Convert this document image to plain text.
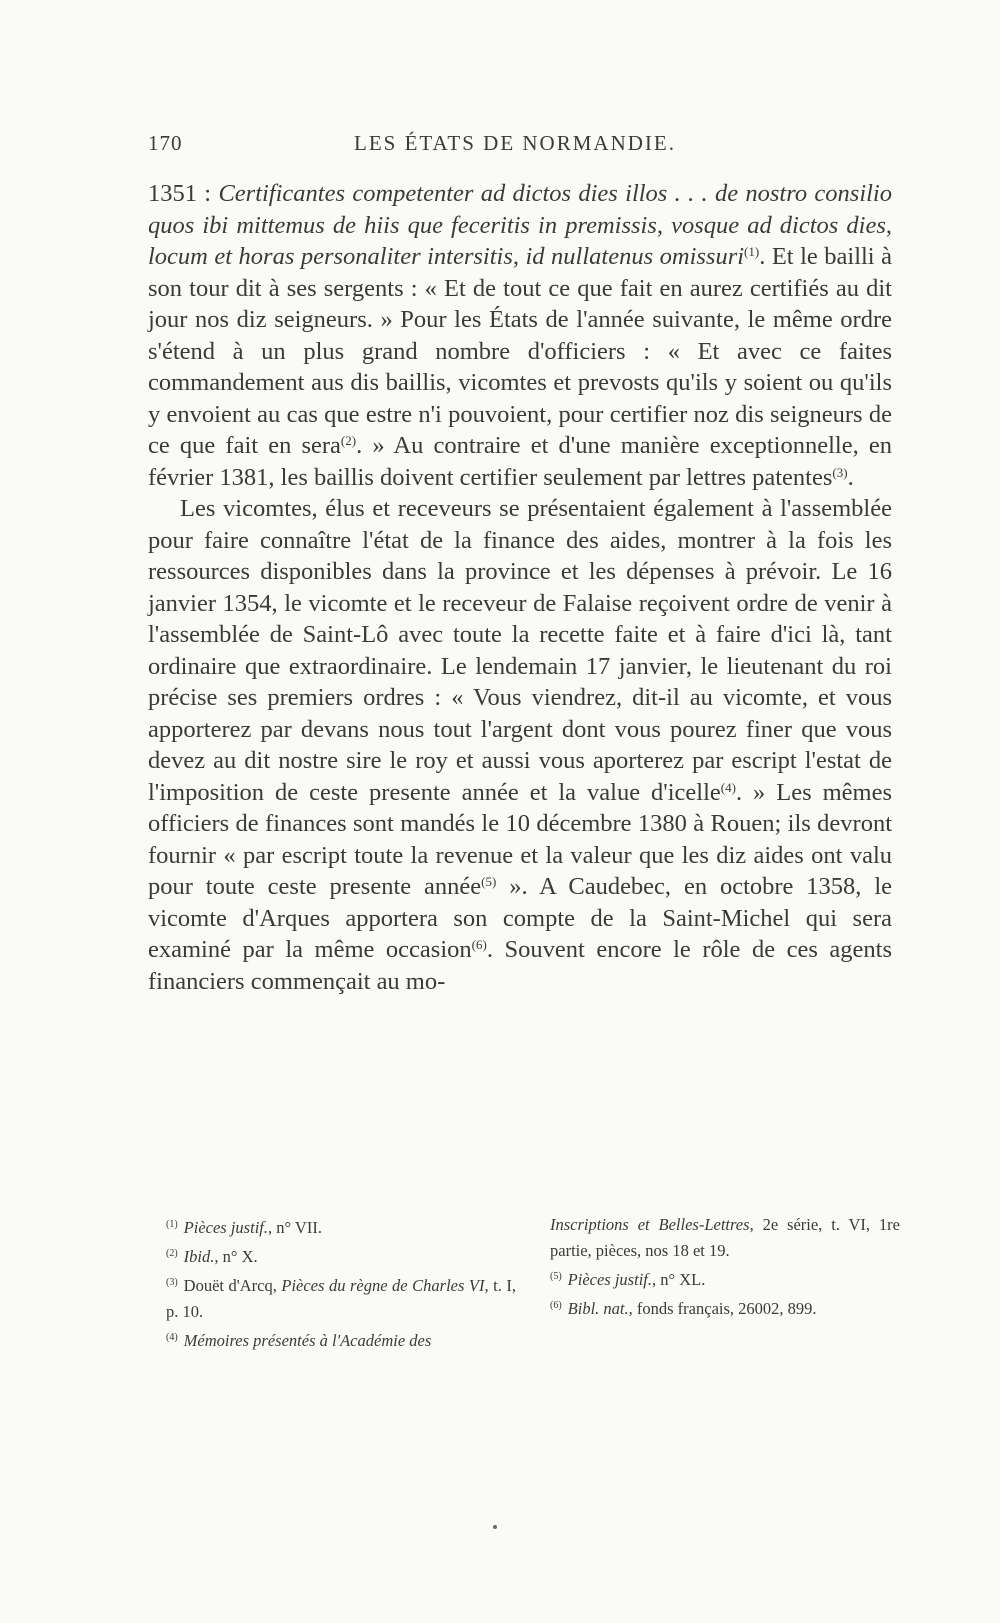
170	LES ÉTATS DE NORMANDIE.

1351 : Certificantes competenter ad dictos dies illos . . . de nostro consilio quos ibi mittemus de hiis que feceritis in premissis, vosque ad dictos dies, locum et horas personaliter intersitis, id nullatenus omissuri$^{(1)}$. Et le bailli à son tour dit à ses sergents : « Et de tout ce que fait en aurez certifiés au dit jour nos diz seigneurs. » Pour les États de l'année suivante, le même ordre s'étend à un plus grand nombre d'officiers : « Et avec ce faites commandement aus dis baillis, vicomtes et prevosts qu'ils y soient ou qu'ils y envoient au cas que estre n'i pouvoient, pour certifier noz dis seigneurs de ce que fait en sera$^{(2)}$. » Au contraire et d'une manière exceptionnelle, en février 1381, les baillis doivent certifier seulement par lettres patentes$^{(3)}$.

Les vicomtes, élus et receveurs se présentaient également à l'assemblée pour faire connaître l'état de la finance des aides, montrer à la fois les ressources disponibles dans la province et les dépenses à prévoir. Le 16 janvier 1354, le vicomte et le receveur de Falaise reçoivent ordre de venir à l'assemblée de Saint-Lô avec toute la recette faite et à faire d'ici là, tant ordinaire que extraordinaire. Le lendemain 17 janvier, le lieutenant du roi précise ses premiers ordres : « Vous viendrez, dit-il au vicomte, et vous apporterez par devans nous tout l'argent dont vous pourez finer que vous devez au dit nostre sire le roy et aussi vous aporterez par escript l'estat de l'imposition de ceste presente année et la value d'icelle$^{(4)}$. » Les mêmes officiers de finances sont mandés le 10 décembre 1380 à Rouen; ils devront fournir « par escript toute la revenue et la valeur que les diz aides ont valu pour toute ceste presente année$^{(5)}$ ». A Caudebec, en octobre 1358, le vicomte d'Arques apportera son compte de la Saint-Michel qui sera examiné par la même occasion$^{(6)}$. Souvent encore le rôle de ces agents financiers commençait au mo-

$^{(1)}$ Pièces justif., n° VII.
$^{(2)}$ Ibid., n° X.
$^{(3)}$ Douët d'Arcq, Pièces du règne de Charles VI, t. I, p. 10.
$^{(4)}$ Mémoires présentés à l'Académie des
Inscriptions et Belles-Lettres, 2e série, t. VI, 1re partie, pièces, nos 18 et 19.
$^{(5)}$ Pièces justif., n° XL.
$^{(6)}$ Bibl. nat., fonds français, 26002, 899.
